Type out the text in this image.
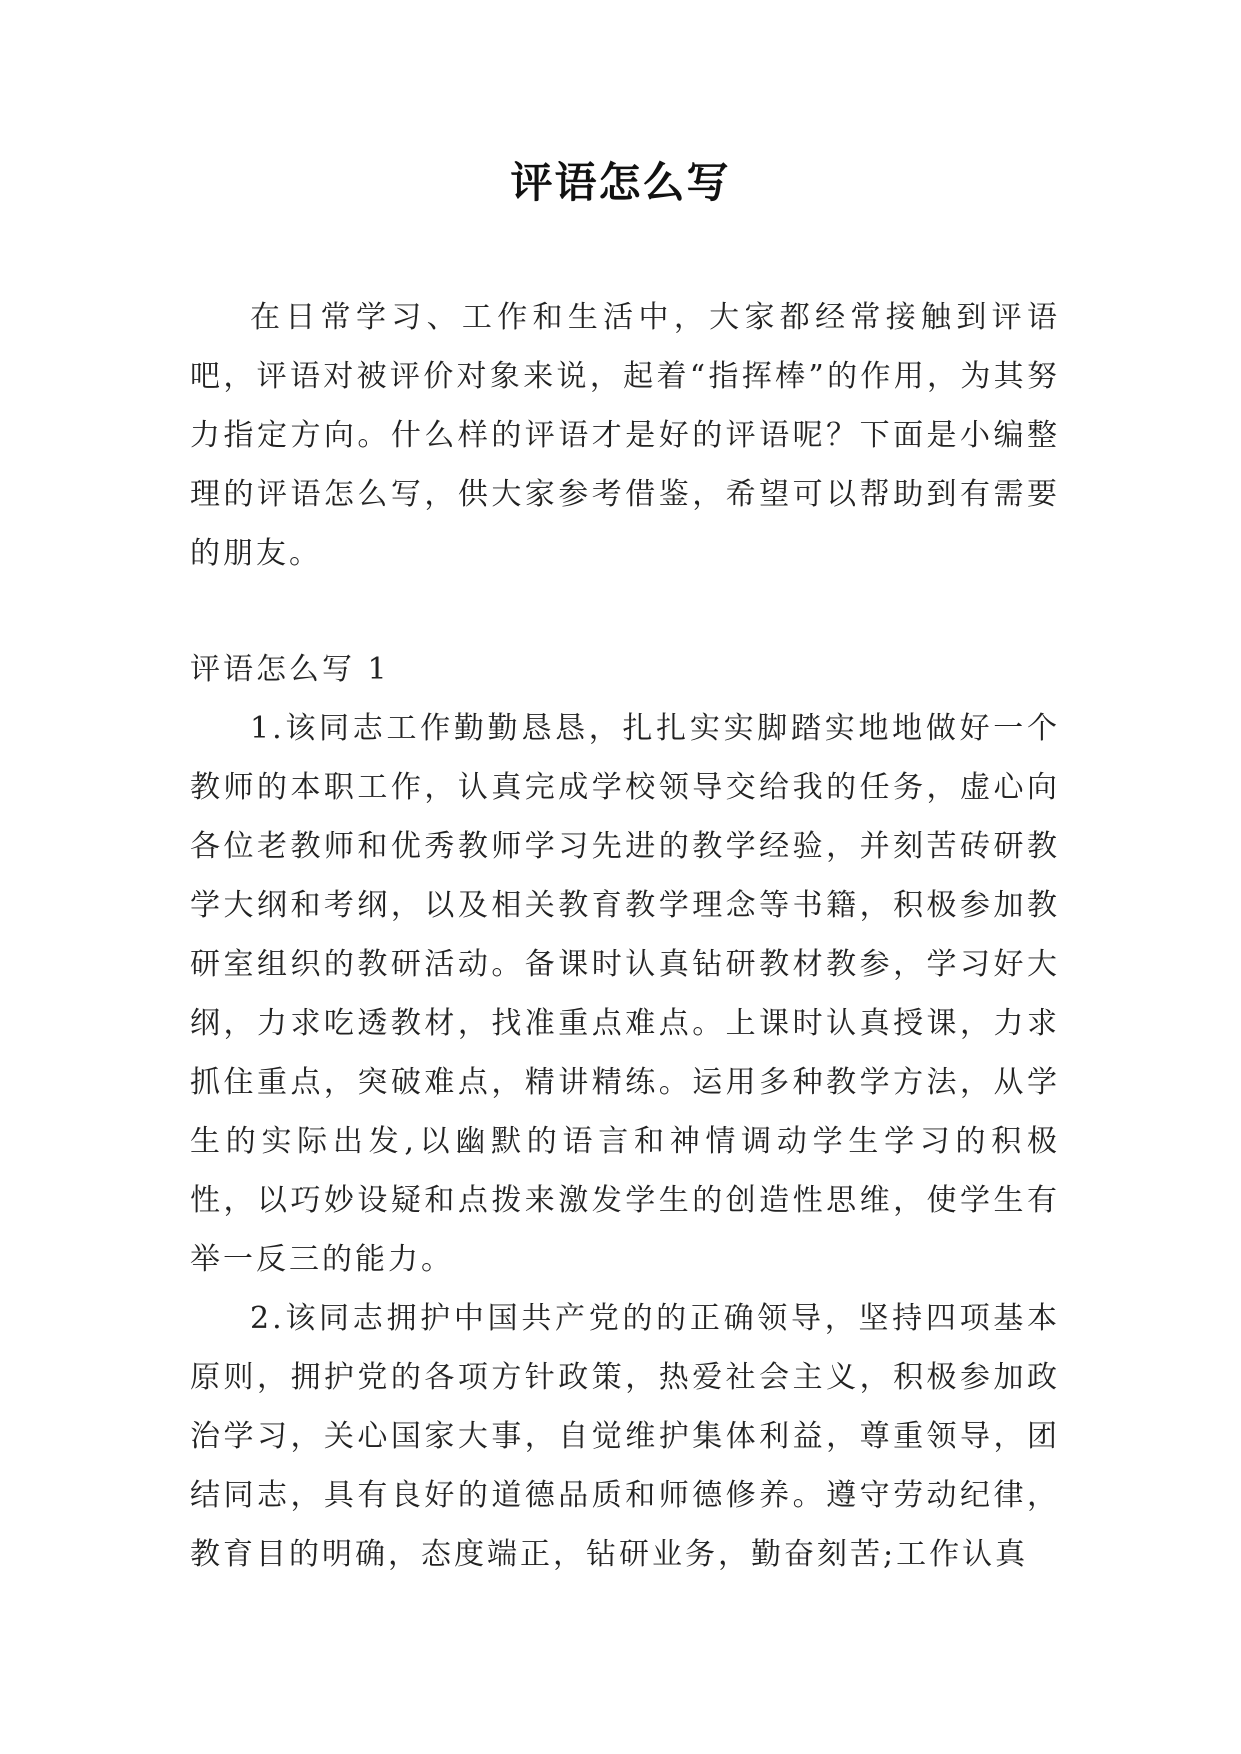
评语怎么写

在日常学习、工作和生活中，大家都经常接触到评语吧，评语对被评价对象来说，起着“指挥棒”的作用，为其努力指定方向。什么样的评语才是好的评语呢？下面是小编整理的评语怎么写，供大家参考借鉴，希望可以帮助到有需要的朋友。

评语怎么写 1

1.该同志工作勤勤恳恳，扎扎实实脚踏实地地做好一个教师的本职工作，认真完成学校领导交给我的任务，虚心向各位老教师和优秀教师学习先进的教学经验，并刻苦砖研教学大纲和考纲，以及相关教育教学理念等书籍，积极参加教研室组织的教研活动。备课时认真钻研教材教参，学习好大纲，力求吃透教材，找准重点难点。上课时认真授课，力求抓住重点，突破难点，精讲精练。运用多种教学方法，从学生的实际出发,以幽默的语言和神情调动学生学习的积极性，以巧妙设疑和点拨来激发学生的创造性思维，使学生有举一反三的能力。

2.该同志拥护中国共产党的的正确领导，坚持四项基本原则，拥护党的各项方针政策，热爱社会主义，积极参加政治学习，关心国家大事，自觉维护集体利益，尊重领导，团结同志，具有良好的道德品质和师德修养。遵守劳动纪律，教育目的明确，态度端正，钻研业务，勤奋刻苦;工作认真
